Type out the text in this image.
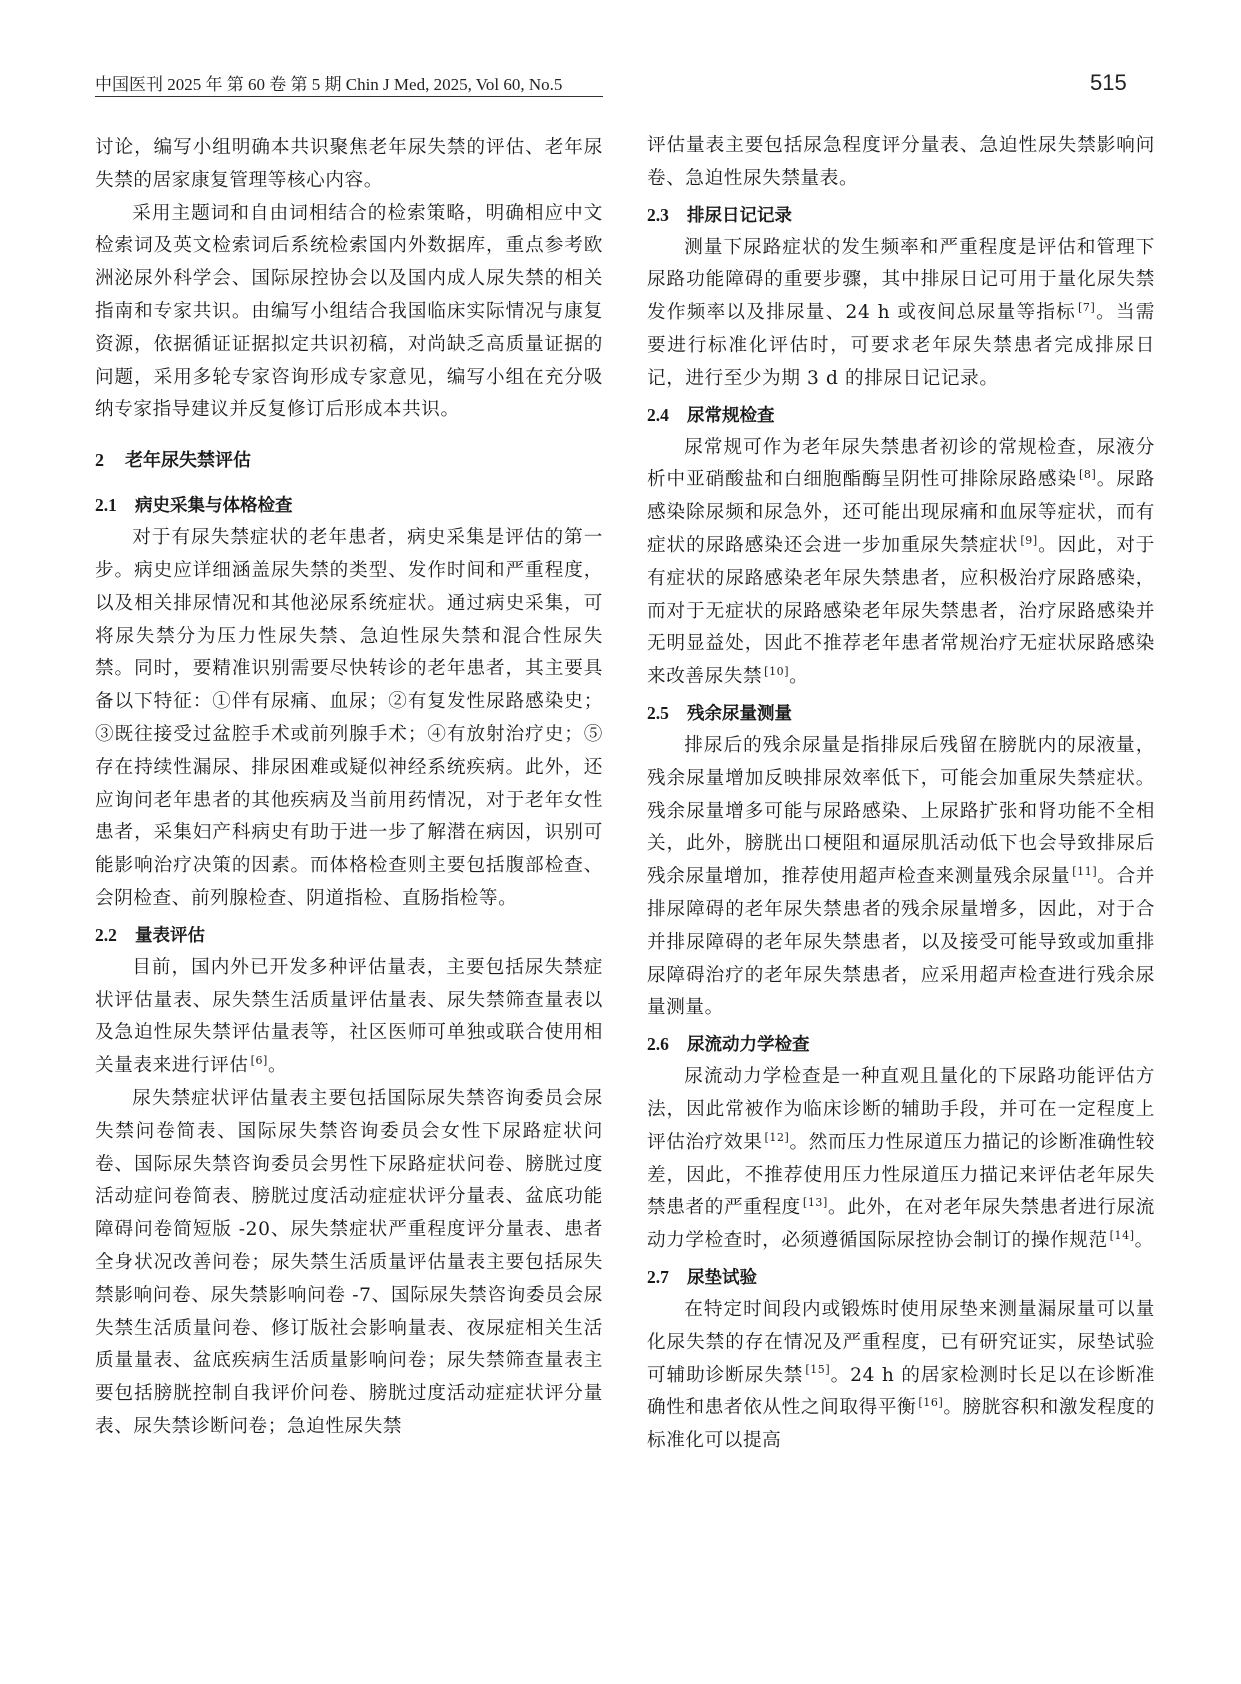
中国医刊 2025 年 第 60 卷 第 5 期 Chin J Med, 2025, Vol 60, No.5	515

讨论，编写小组明确本共识聚焦老年尿失禁的评估、老年尿失禁的居家康复管理等核心内容。

采用主题词和自由词相结合的检索策略，明确相应中文检索词及英文检索词后系统检索国内外数据库，重点参考欧洲泌尿外科学会、国际尿控协会以及国内成人尿失禁的相关指南和专家共识。由编写小组结合我国临床实际情况与康复资源，依据循证证据拟定共识初稿，对尚缺乏高质量证据的问题，采用多轮专家咨询形成专家意见，编写小组在充分吸纳专家指导建议并反复修订后形成本共识。

2 老年尿失禁评估
2.1 病史采集与体格检查

对于有尿失禁症状的老年患者，病史采集是评估的第一步。病史应详细涵盖尿失禁的类型、发作时间和严重程度，以及相关排尿情况和其他泌尿系统症状。通过病史采集，可将尿失禁分为压力性尿失禁、急迫性尿失禁和混合性尿失禁。同时，要精准识别需要尽快转诊的老年患者，其主要具备以下特征：①伴有尿痛、血尿；②有复发性尿路感染史；③既往接受过盆腔手术或前列腺手术；④有放射治疗史；⑤存在持续性漏尿、排尿困难或疑似神经系统疾病。此外，还应询问老年患者的其他疾病及当前用药情况，对于老年女性患者，采集妇产科病史有助于进一步了解潜在病因，识别可能影响治疗决策的因素。而体格检查则主要包括腹部检查、会阴检查、前列腺检查、阴道指检、直肠指检等。

2.2 量表评估

目前，国内外已开发多种评估量表，主要包括尿失禁症状评估量表、尿失禁生活质量评估量表、尿失禁筛查量表以及急迫性尿失禁评估量表等，社区医师可单独或联合使用相关量表来进行评估 [6]。

尿失禁症状评估量表主要包括国际尿失禁咨询委员会尿失禁问卷简表、国际尿失禁咨询委员会女性下尿路症状问卷、国际尿失禁咨询委员会男性下尿路症状问卷、膀胱过度活动症问卷简表、膀胱过度活动症症状评分量表、盆底功能障碍问卷简短版 -20、尿失禁症状严重程度评分量表、患者全身状况改善问卷；尿失禁生活质量评估量表主要包括尿失禁影响问卷、尿失禁影响问卷 -7、国际尿失禁咨询委员会尿失禁生活质量问卷、修订版社会影响量表、夜尿症相关生活质量量表、盆底疾病生活质量影响问卷；尿失禁筛查量表主要包括膀胱控制自我评价问卷、膀胱过度活动症症状评分量表、尿失禁诊断问卷；急迫性尿失禁

评估量表主要包括尿急程度评分量表、急迫性尿失禁影响问卷、急迫性尿失禁量表。

2.3 排尿日记记录

测量下尿路症状的发生频率和严重程度是评估和管理下尿路功能障碍的重要步骤，其中排尿日记可用于量化尿失禁发作频率以及排尿量、24 h 或夜间总尿量等指标 [7]。当需要进行标准化评估时，可要求老年尿失禁患者完成排尿日记，进行至少为期 3 d 的排尿日记记录。

2.4 尿常规检查

尿常规可作为老年尿失禁患者初诊的常规检查，尿液分析中亚硝酸盐和白细胞酯酶呈阴性可排除尿路感染 [8]。尿路感染除尿频和尿急外，还可能出现尿痛和血尿等症状，而有症状的尿路感染还会进一步加重尿失禁症状 [9]。因此，对于有症状的尿路感染老年尿失禁患者，应积极治疗尿路感染，而对于无症状的尿路感染老年尿失禁患者，治疗尿路感染并无明显益处，因此不推荐老年患者常规治疗无症状尿路感染来改善尿失禁 [10]。

2.5 残余尿量测量

排尿后的残余尿量是指排尿后残留在膀胱内的尿液量，残余尿量增加反映排尿效率低下，可能会加重尿失禁症状。残余尿量增多可能与尿路感染、上尿路扩张和肾功能不全相关，此外，膀胱出口梗阻和逼尿肌活动低下也会导致排尿后残余尿量增加，推荐使用超声检查来测量残余尿量 [11]。合并排尿障碍的老年尿失禁患者的残余尿量增多，因此，对于合并排尿障碍的老年尿失禁患者，以及接受可能导致或加重排尿障碍治疗的老年尿失禁患者，应采用超声检查进行残余尿量测量。

2.6 尿流动力学检查

尿流动力学检查是一种直观且量化的下尿路功能评估方法，因此常被作为临床诊断的辅助手段，并可在一定程度上评估治疗效果 [12]。然而压力性尿道压力描记的诊断准确性较差，因此，不推荐使用压力性尿道压力描记来评估老年尿失禁患者的严重程度 [13]。此外，在对老年尿失禁患者进行尿流动力学检查时，必须遵循国际尿控协会制订的操作规范 [14]。

2.7 尿垫试验

在特定时间段内或锻炼时使用尿垫来测量漏尿量可以量化尿失禁的存在情况及严重程度，已有研究证实，尿垫试验可辅助诊断尿失禁 [15]。24 h 的居家检测时长足以在诊断准确性和患者依从性之间取得平衡 [16]。膀胱容积和激发程度的标准化可以提高
